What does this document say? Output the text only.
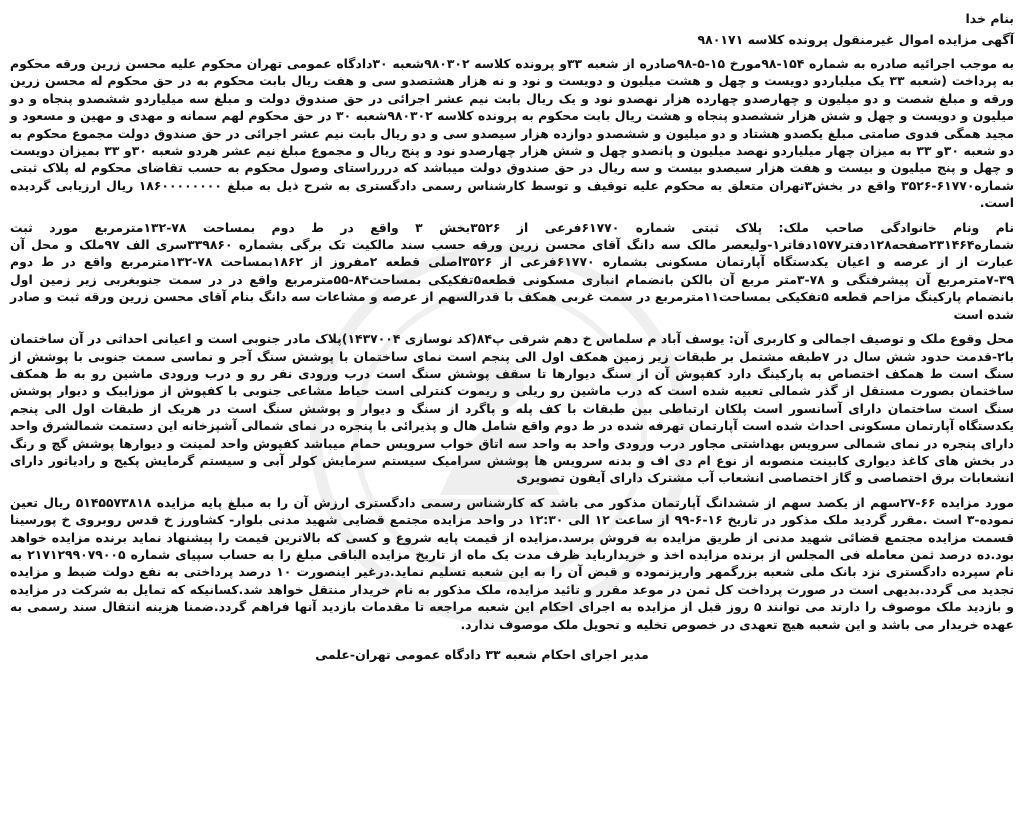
بنام خدا

آگهی مزایده اموال غیرمنقول پرونده کلاسه ۹۸۰۱۷۱

به موجب اجرائیه صادره به شماره ۱۵۴-۹۸مورخ ۱۵-۵-۹۸صادره از شعبه ۳۳و پرونده کلاسه ۹۸۰۳۰۲شعبه ۳۰دادگاه عمومی تهران محکوم علیه محسن زرین ورقه محکوم به پرداخت (شعبه ۳۳ یک میلیاردو دویست و چهل و هشت میلیون و دویست و نود و نه هزار هشتصدو سی و هفت ریال بابت محکوم به در حق محکوم له محسن زرین ورقه و مبلغ شصت و دو میلیون و چهارصدو چهارده هزار نهصدو نود و یک ریال بابت نیم عشر اجرائی در حق صندوق دولت و مبلغ سه میلیاردو ششصدو پنجاه و دو میلیون و دویست و چهل و شش هزار ششصدو پنجاه و هشت ریال بابت محکوم به پرونده کلاسه ۹۸۰۳۰۲شعبه ۳۰ در حق محکوم لهم سمانه و مهدی و مهین و مسعود و مجید همگی فدوی صامتی مبلغ یکصدو هشتاد و دو میلیون و ششصدو دوازده هزار سیصدو سی و دو ریال بابت نیم عشر اجرائی در حق صندوق دولت مجموع محکوم به دو شعبه ۳۰و ۳۳ به میزان چهار میلیاردو نهصد میلیون و پانصدو چهل و شش هزار چهارصدو نود و پنج ریال و مجموع مبلغ نیم عشر هردو شعبه ۳۰و ۳۳ بمیزان دویست و چهل و پنج میلیون و بیست و هفت هزار سیصدو بیست و سه ریال در حق صندوق دولت میباشد که دررراستای وصول محکوم به حسب تقاضای محکوم له پلاک ثبتی شماره۶۱۷۷۰-۳۵۲۶ واقع در بخش۳تهران متعلق به محکوم علیه توقیف و توسط کارشناس رسمی دادگستری به شرح ذیل به مبلغ ۱۸۶۰۰۰۰۰۰۰۰ ریال ارزیابی گردیده است.

نام ونام خانوادگی صاحب ملک: پلاک ثبتی شماره ۶۱۷۷۰فرعی از ۳۵۲۶بخش ۳ واقع در ط دوم بمساحت ۷۸-۱۳۲مترمربع مورد ثبت شماره۲۳۱۴۶۴صفحه۱۲۸دفتر۱۵۷۷دفاتر۱-ولیعصر مالک سه دانگ آقای محسن زرین ورقه حسب سند مالکیت تک برگی بشماره ۳۳۹۸۶۰سری الف ۹۷ملک و محل آن عبارت از از عرصه و اعیان یکدستگاه آپارتمان مسکونی بشماره ۶۱۷۷۰فرعی از ۳۵۲۶اصلی قطعه ۲مفروز از ۱۸۶۲بمساحت ۷۸-۱۳۲مترمربع واقع در ط دوم ۳۹-۷مترمربع آن پیشرفتگی و ۷۸-۳متر مربع آن بالکن بانضمام انباری مسکونی قطعه۵تفکیکی بمساحت۸۴-۵۵مترمربع واقع در در سمت جنوبغربی زیر زمین اول بانضمام پارکینگ مزاحم قطعه ۵تفکیکی بمساحت۱۱مترمربع در سمت غربی همکف با قدرالسهم از عرصه و مشاعات سه دانگ بنام آقای محسن زرین ورقه ثبت و صادر شده است

محل وقوع ملک و توصیف اجمالی و کاربری آن: یوسف آباد م سلماس خ دهم شرقی پ۸۴(کد نوسازی ۱۴۳۷۰۰۴)پلاک مادر جنوبی است و اعیانی احداثی در آن ساختمان با۲-قدمت حدود شش سال در ۷طبقه مشتمل بر طبقات زیر زمین همکف اول الی پنجم است نمای ساختمان با پوشش سنگ آجر و نماسی سمت جنوبی با پوشش از سنگ است ط همکف اختصاص به پارکینگ دارد کفپوش آن از سنگ دیوارها تا سقف پوشش سنگ است درب ورودی نفر رو و درب ورودی ماشین رو به ط همکف ساختمان بصورت مستقل از گذر شمالی تعبیه شده است که درب ماشین رو ریلی و ریموت کنترلی است حیاط مشاعی جنوبی با کفپوش از موزاییک و دیوار پوشش سنگ است ساختمان دارای آسانسور است پلکان ارتباطی بین طبقات با کف پله و پاگرد از سنگ و دیوار و پوشش سنگ است در هریک از طبقات اول الی پنجم یکدستگاه آپارتمان مسکونی احداث شده است آپارتمان تهرفه شده در ط دوم واقع شامل هال و پذیرائی با پنجره در نمای شمالی آشپزخانه این دستمت شمالشرق واحد دارای پنجره در نمای شمالی سرویس بهداشتی مجاور درب ورودی واحد به واحد سه اتاق خواب سرویس حمام میباشد کفپوش واحد لمینت و دیوارها پوشش گچ و رنگ در بخش های کاغذ دیواری کابینت منصوبه از نوع ام دی اف و بدنه سرویس ها پوشش سرامیک سیستم سرمایش کولر آبی و سیستم گرمایش پکیج و رادیاتور دارای انشعابات برق اختصاصی و گاز اختصاصی انشعاب آب مشترک دارای آیفون تصویری

مورد مزایده ۶۶-۲۷سهم از یکصد سهم از ششدانگ آپارتمان مذکور می باشد که کارشناس رسمی دادگستری ارزش آن را به مبلغ پایه مزایده ۵۱۴۵۵۷۳۸۱۸ ریال تعین نموده-۳ است .مقرر گردید ملک مذکور در تاریخ ۱۶-۶-۹۹ از ساعت ۱۲ الی ۱۲:۳۰ در واحد مزایده مجتمع قضایی شهید مدنی بلوار- کشاورز خ قدس روبروی خ پورسینا قسمت مزایده مجتمع قضائی شهید مدنی از طریق مزایده به فروش برسد.مزایده از قیمت پایه شروع و کسی که بالاترین قیمت را پیشنهاد نماید برنده مزایده خواهد بود.ده درصد ثمن معامله فی المجلس از برنده مزایده اخذ و خریدارباید ظرف مدت یک ماه از تاریخ مزایده الباقی مبلغ را به حساب سپیای شماره ۲۱۷۱۲۹۹۰۷۹۰۰۵ به نام سپرده دادگستری نزد بانک ملی شعبه بزرگمهر واریزنموده و قبض آن را به این شعبه تسلیم نماید.درغیر اینصورت ۱۰ درصد پرداختی به نفع دولت ضبط و مزایده تجدید می گردد.بدیهی است در صورت پرداخت کل ثمن در موعد مقرر و تائید مزایده، ملک مذکور به نام خریدار منتقل خواهد شد.کسانیکه که تمایل به شرکت در مزایده و بازدید ملک موصوف را دارند می توانند ۵ روز قبل از مزایده به اجرای احکام این شعبه مراجعه تا مقدمات بازدید آنها فراهم گردد.ضمنا هزینه انتقال سند رسمی به عهده خریدار می باشد و این شعبه هیچ تعهدی در خصوص تخلیه و تحویل ملک موصوف ندارد.

مدیر اجرای احکام شعبه ۳۳ دادگاه عمومی تهران-علمی
